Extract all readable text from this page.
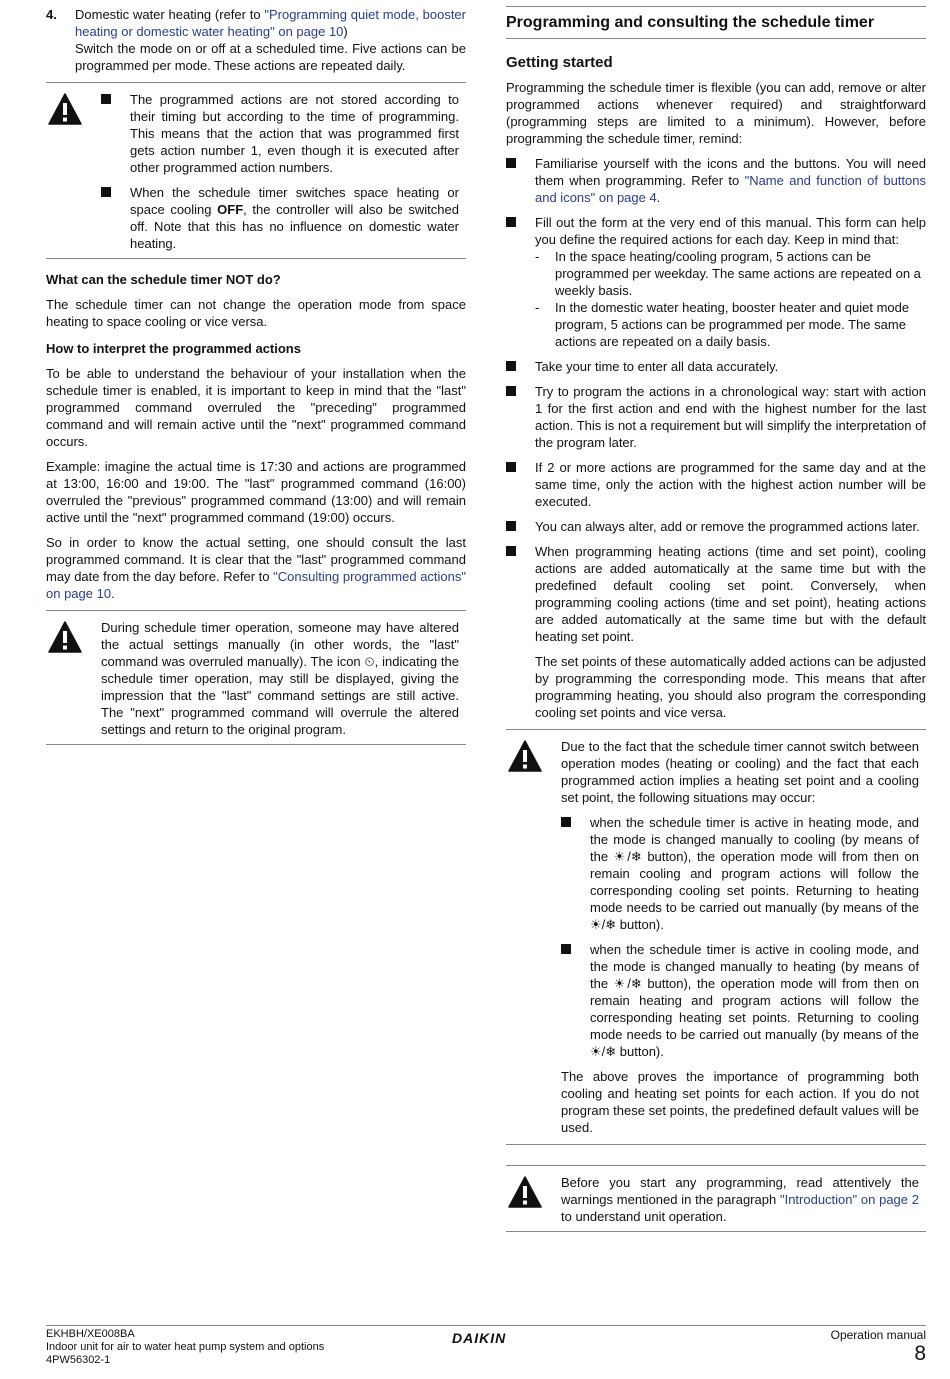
4.	Domestic water heating (refer to "Programming quiet mode, booster heating or domestic water heating" on page 10)

Switch the mode on or off at a scheduled time. Five actions can be programmed per mode. These actions are repeated daily.

The programmed actions are not stored according to their timing but according to the time of programming. This means that the action that was programmed first gets action number 1, even though it is executed after other programmed action numbers.
When the schedule timer switches space heating or space cooling OFF, the controller will also be switched off. Note that this has no influence on domestic water heating.
What can the schedule timer NOT do?

The schedule timer can not change the operation mode from space heating to space cooling or vice versa.

How to interpret the programmed actions

To be able to understand the behaviour of your installation when the schedule timer is enabled, it is important to keep in mind that the "last" programmed command overruled the "preceding" programmed command and will remain active until the "next" programmed command occurs.

Example: imagine the actual time is 17:30 and actions are programmed at 13:00, 16:00 and 19:00. The "last" programmed command (16:00) overruled the "previous" programmed command (13:00) and will remain active until the "next" programmed command (19:00) occurs.

So in order to know the actual setting, one should consult the last programmed command. It is clear that the "last" programmed command may date from the day before. Refer to "Consulting programmed actions" on page 10.

During schedule timer operation, someone may have altered the actual settings manually (in other words, the "last" command was overruled manually). The icon ⏲, indicating the schedule timer operation, may still be displayed, giving the impression that the "last" command settings are still active. The "next" programmed command will overrule the altered settings and return to the original program.

Programming and consulting the schedule timer
Getting started

Programming the schedule timer is flexible (you can add, remove or alter programmed actions whenever required) and straightforward (programming steps are limited to a minimum). However, before programming the schedule timer, remind:

Familiarise yourself with the icons and the buttons. You will need them when programming. Refer to "Name and function of buttons and icons" on page 4.
Fill out the form at the very end of this manual. This form can help you define the required actions for each day. Keep in mind that:
-	In the space heating/cooling program, 5 actions can be programmed per weekday. The same actions are repeated on a weekly basis.
-	In the domestic water heating, booster heater and quiet mode program, 5 actions can be programmed per mode. The same actions are repeated on a daily basis.
Take your time to enter all data accurately.
Try to program the actions in a chronological way: start with action 1 for the first action and end with the highest number for the last action. This is not a requirement but will simplify the interpretation of the program later.
If 2 or more actions are programmed for the same day and at the same time, only the action with the highest action number will be executed.
You can always alter, add or remove the programmed actions later.
When programming heating actions (time and set point), cooling actions are added automatically at the same time but with the predefined default cooling set point. Conversely, when programming cooling actions (time and set point), heating actions are added automatically at the same time but with the default heating set point.
The set points of these automatically added actions can be adjusted by programming the corresponding mode. This means that after programming heating, you should also program the corresponding cooling set points and vice versa.

Due to the fact that the schedule timer cannot switch between operation modes (heating or cooling) and the fact that each programmed action implies a heating set point and a cooling set point, the following situations may occur:

when the schedule timer is active in heating mode, and the mode is changed manually to cooling (by means of the ☀/❄ button), the operation mode will from then on remain cooling and program actions will follow the corresponding cooling set points. Returning to heating mode needs to be carried out manually (by means of the ☀/❄ button).
when the schedule timer is active in cooling mode, and the mode is changed manually to heating (by means of the ☀/❄ button), the operation mode will from then on remain heating and program actions will follow the corresponding heating set points. Returning to cooling mode needs to be carried out manually (by means of the ☀/❄ button).

The above proves the importance of programming both cooling and heating set points for each action. If you do not program these set points, the predefined default values will be used.

Before you start any programming, read attentively the warnings mentioned in the paragraph "Introduction" on page 2 to understand unit operation.

EKHBH/XE008BA
Indoor unit for air to water heat pump system and options
4PW56302-1
DAIKIN	Operation manual
8
